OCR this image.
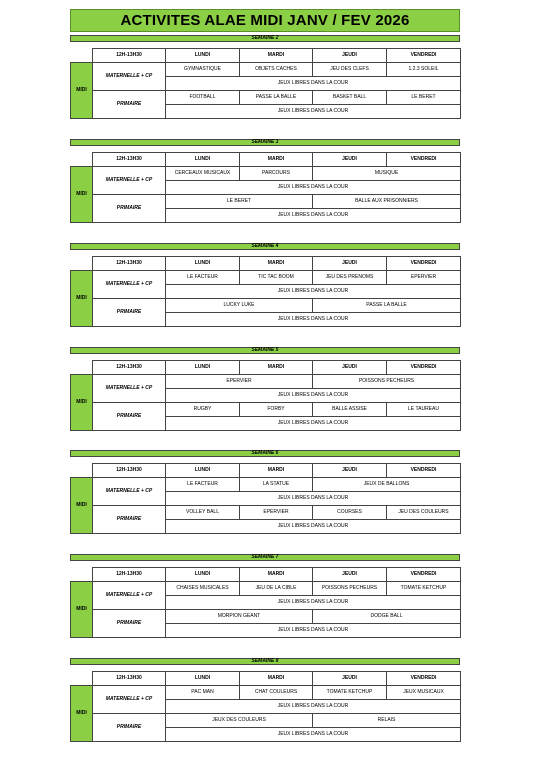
ACTIVITES ALAE MIDI JANV / FEV 2026
SEMAINE 2
	12H-13H30	LUNDI	MARDI	JEUDI	VENDREDI
MIDI	MATERNELLE + CP	GYMNASTIQUE	OBJETS CACHES	JEU DES CLEFS	1.2.3 SOLEIL
		JEUX LIBRES DANS LA COUR			
	PRIMAIRE	FOOTBALL	PASSE LA BALLE	BASKET BALL	LE BERET
		JEUX LIBRES DANS LA COUR			
SEMAINE 3
	12H-13H30	LUNDI	MARDI	JEUDI	VENDREDI
MIDI	MATERNELLE + CP	CERCEAUX MUSICAUX	PARCOURS	MUSIQUE	
		JEUX LIBRES DANS LA COUR			
	PRIMAIRE	LE BERET		BALLE AUX PRISONNIERS	
		JEUX LIBRES DANS LA COUR			
SEMAINE 4
	12H-13H30	LUNDI	MARDI	JEUDI	VENDREDI
MIDI	MATERNELLE + CP	LE FACTEUR	TIC TAC BOOM	JEU DES PRENOMS	EPERVIER
		JEUX LIBRES DANS LA COUR			
	PRIMAIRE	LUCKY LUKE		PASSE LA BALLE	
		JEUX LIBRES DANS LA COUR			
SEMAINE 5
	12H-13H30	LUNDI	MARDI	JEUDI	VENDREDI
MIDI	MATERNELLE + CP	EPERVIER		POISSONS PECHEURS	
		JEUX LIBRES DANS LA COUR			
	PRIMAIRE	RUGBY	FORBY	BALLE ASSISE	LE TAUREAU
		JEUX LIBRES DANS LA COUR			
SEMAINE 6
	12H-13H30	LUNDI	MARDI	JEUDI	VENDREDI
MIDI	MATERNELLE + CP	LE FACTEUR	LA STATUE	JEUX DE BALLONS	
		JEUX LIBRES DANS LA COUR			
	PRIMAIRE	VOLLEY BALL	EPERVIER	COURSES	JEU DES COULEURS
		JEUX LIBRES DANS LA COUR			
SEMAINE 7
	12H-13H30	LUNDI	MARDI	JEUDI	VENDREDI
MIDI	MATERNELLE + CP	CHAISES MUSICALES	JEU DE LA CIBLE	POISSONS PECHEURS	TOMATE KETCHUP
		JEUX LIBRES DANS LA COUR			
	PRIMAIRE	MORPION GEANT		DODGE BALL	
		JEUX LIBRES DANS LA COUR			
SEMAINE 8
	12H-13H30	LUNDI	MARDI	JEUDI	VENDREDI
MIDI	MATERNELLE + CP	PAC MAN	CHAT COULEURS	TOMATE KETCHUP	JEUX MUSICAUX
		JEUX LIBRES DANS LA COUR			
	PRIMAIRE	JEUX DES COULEURS		RELAIS	
		JEUX LIBRES DANS LA COUR			
